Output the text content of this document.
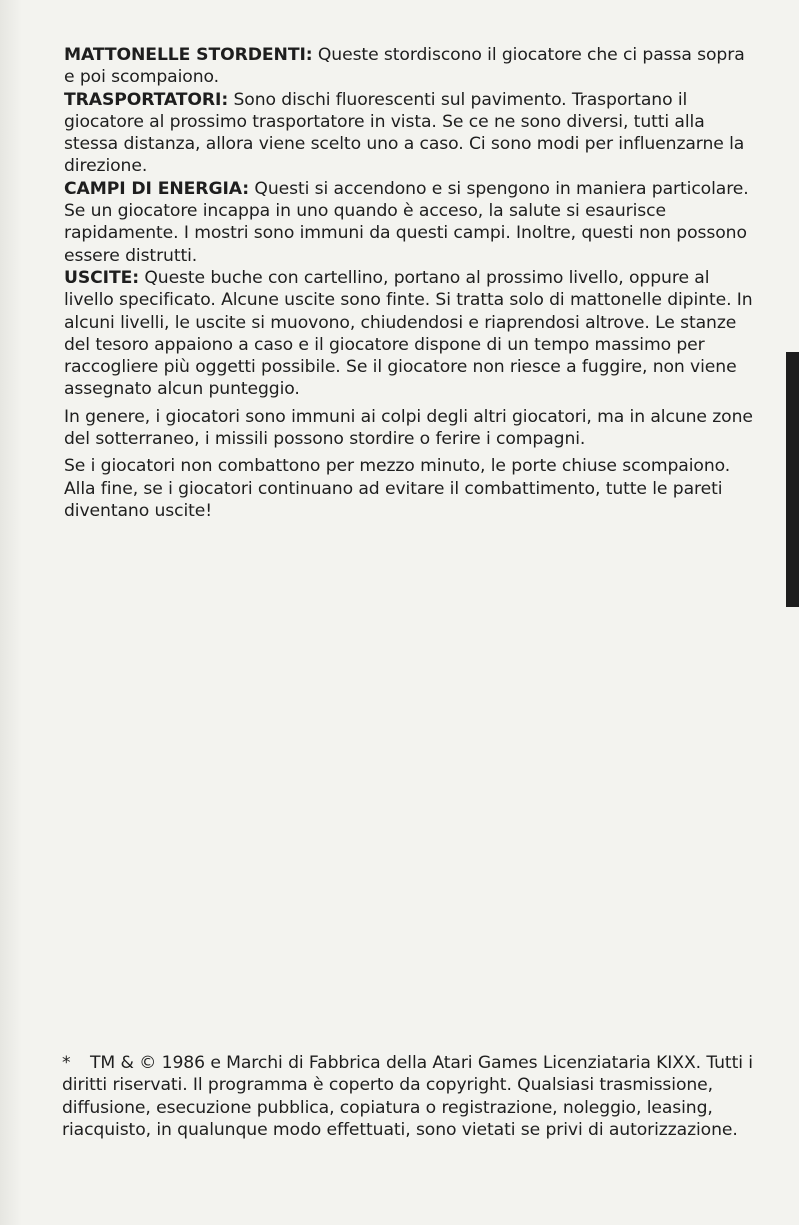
MATTONELLE STORDENTI: Queste stordiscono il giocatore che ci passa sopra e poi scompaiono.

TRASPORTATORI: Sono dischi fluorescenti sul pavimento. Trasportano il giocatore al prossimo trasportatore in vista. Se ce ne sono diversi, tutti alla stessa distanza, allora viene scelto uno a caso. Ci sono modi per influenzarne la direzione.

CAMPI DI ENERGIA: Questi si accendono e si spengono in maniera particolare. Se un giocatore incappa in uno quando è acceso, la salute si esaurisce rapidamente. I mostri sono immuni da questi campi. Inoltre, questi non possono essere distrutti.

USCITE: Queste buche con cartellino, portano al prossimo livello, oppure al livello specificato. Alcune uscite sono finte. Si tratta solo di mattonelle dipinte. In alcuni livelli, le uscite si muovono, chiudendosi e riaprendosi altrove. Le stanze del tesoro appaiono a caso e il giocatore dispone di un tempo massimo per raccogliere più oggetti possibile. Se il giocatore non riesce a fuggire, non viene assegnato alcun punteggio.

In genere, i giocatori sono immuni ai colpi degli altri giocatori, ma in alcune zone del sotterraneo, i missili possono stordire o ferire i compagni.

Se i giocatori non combattono per mezzo minuto, le porte chiuse scompaiono. Alla fine, se i giocatori continuano ad evitare il combattimento, tutte le pareti diventano uscite!

* TM & © 1986 e Marchi di Fabbrica della Atari Games Licenziataria KIXX. Tutti i diritti riservati. Il programma è coperto da copyright. Qualsiasi trasmissione, diffusione, esecuzione pubblica, copiatura o registrazione, noleggio, leasing, riacquisto, in qualunque modo effettuati, sono vietati se privi di autorizzazione.
